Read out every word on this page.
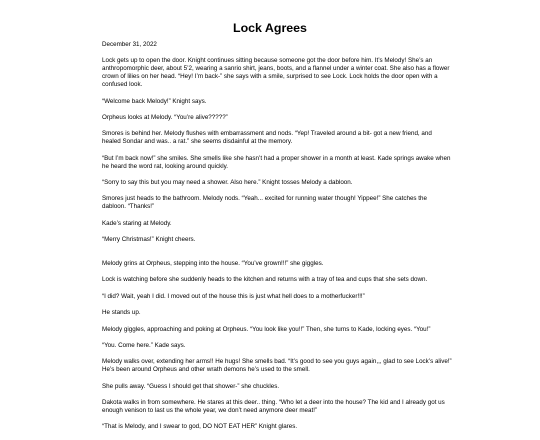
Lock Agrees

December 31, 2022

Lock gets up to open the door. Knight continues sitting because someone got the door before him. It’s Melody! She’s an anthropomorphic deer, about 5’2, wearing a sanrio shirt, jeans, boots, and a flannel under a winter coat. She also has a flower crown of lilies on her head. “Hey! I’m back-” she says with a smile, surprised to see Lock. Lock holds the door open with a confused look.

“Welcome back Melody!” Knight says.

Orpheus looks at Melody. “You’re alive?????”

Smores is behind her. Melody flushes with embarrassment and nods. “Yep! Traveled around a bit- got a new friend, and healed Sondar and was.. a rat.” she seems disdainful at the memory.

“But I’m back now!” she smiles. She smells like she hasn’t had a proper shower in a month at least. Kade springs awake when he heard the word rat, looking around quickly.

“Sorry to say this but you may need a shower. Also here.” Knight tosses Melody a dabloon.

Smores just heads to the bathroom. Melody nods. “Yeah... excited for running water though! Yippee!” She catches the dabloon. “Thanks!”

Kade’s staring at Melody.

“Merry Christmas!” Knight cheers.

Melody grins at Orpheus, stepping into the house. “You’ve grown!!!” she giggles.

Lock is watching before she suddenly heads to the kitchen and returns with a tray of tea and cups that she sets down.

“I did? Wait, yeah I did. I moved out of the house this is just what hell does to a motherfucker!!!”

He stands up.

Melody giggles, approaching and poking at Orpheus. “You look like you!!” Then, she turns to Kade, locking eyes. “You!”

“You. Come here.” Kade says.

Melody walks over, extending her arms!! He hugs! She smells bad. “It’s good to see you guys again,,, glad to see Lock’s alive!” He’s been around Orpheus and other wrath demons he’s used to the smell.

She pulls away. “Guess I should get that shower-” she chuckles.

Dakota walks in from somewhere. He stares at this deer.. thing. “Who let a deer into the house? The kid and I already got us enough venison to last us the whole year, we don’t need anymore deer meat!”

“That is Melody, and I swear to god, DO NOT EAT HER” Knight glares.
